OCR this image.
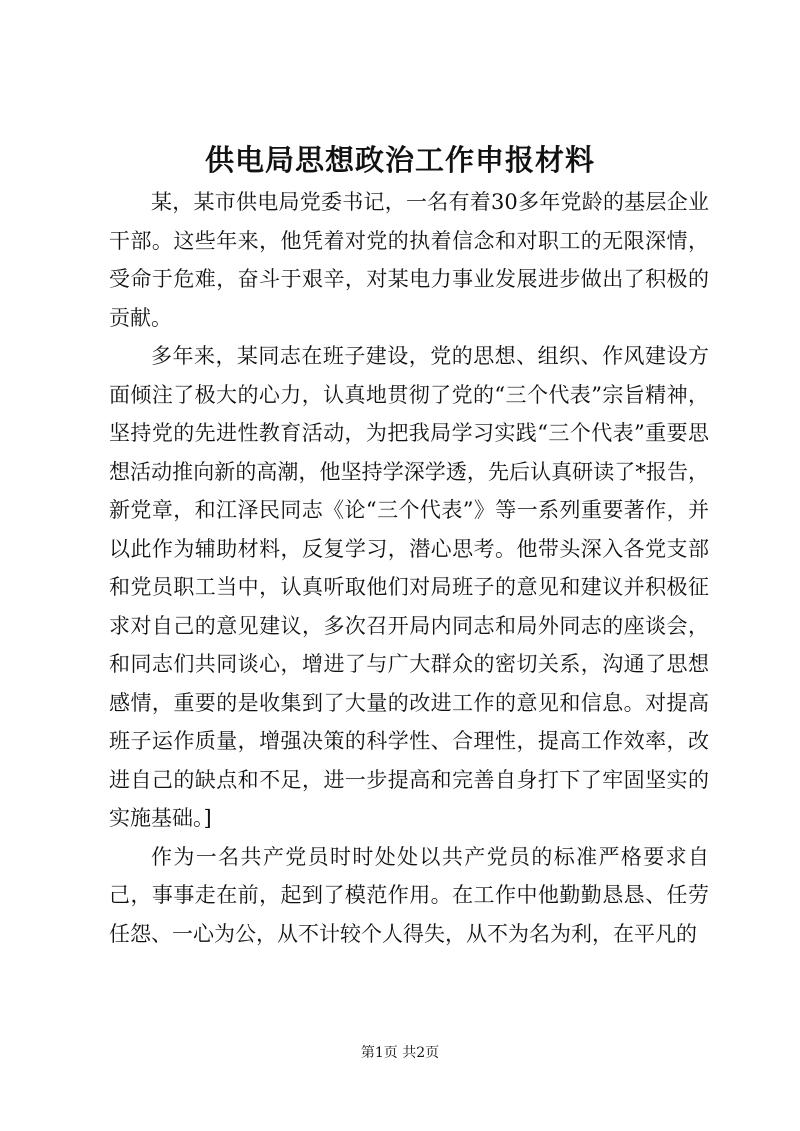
供电局思想政治工作申报材料

某，某市供电局党委书记，一名有着30多年党龄的基层企业干部。这些年来，他凭着对党的执着信念和对职工的无限深情，受命于危难，奋斗于艰辛，对某电力事业发展进步做出了积极的贡献。

多年来，某同志在班子建设，党的思想、组织、作风建设方面倾注了极大的心力，认真地贯彻了党的“三个代表”宗旨精神，坚持党的先进性教育活动，为把我局学习实践“三个代表”重要思想活动推向新的高潮，他坚持学深学透，先后认真研读了*报告，新党章，和江泽民同志《论“三个代表”》等一系列重要著作，并以此作为辅助材料，反复学习，潜心思考。他带头深入各党支部和党员职工当中，认真听取他们对局班子的意见和建议并积极征求对自己的意见建议，多次召开局内同志和局外同志的座谈会，和同志们共同谈心，增进了与广大群众的密切关系，沟通了思想感情，重要的是收集到了大量的改进工作的意见和信息。对提高班子运作质量，增强决策的科学性、合理性，提高工作效率，改进自己的缺点和不足，进一步提高和完善自身打下了牢固坚实的实施基础。]

作为一名共产党员时时处处以共产党员的标准严格要求自己，事事走在前，起到了模范作用。在工作中他勤勤恳恳、任劳任怨、一心为公，从不计较个人得失，从不为名为利，在平凡的

第1页 共2页
